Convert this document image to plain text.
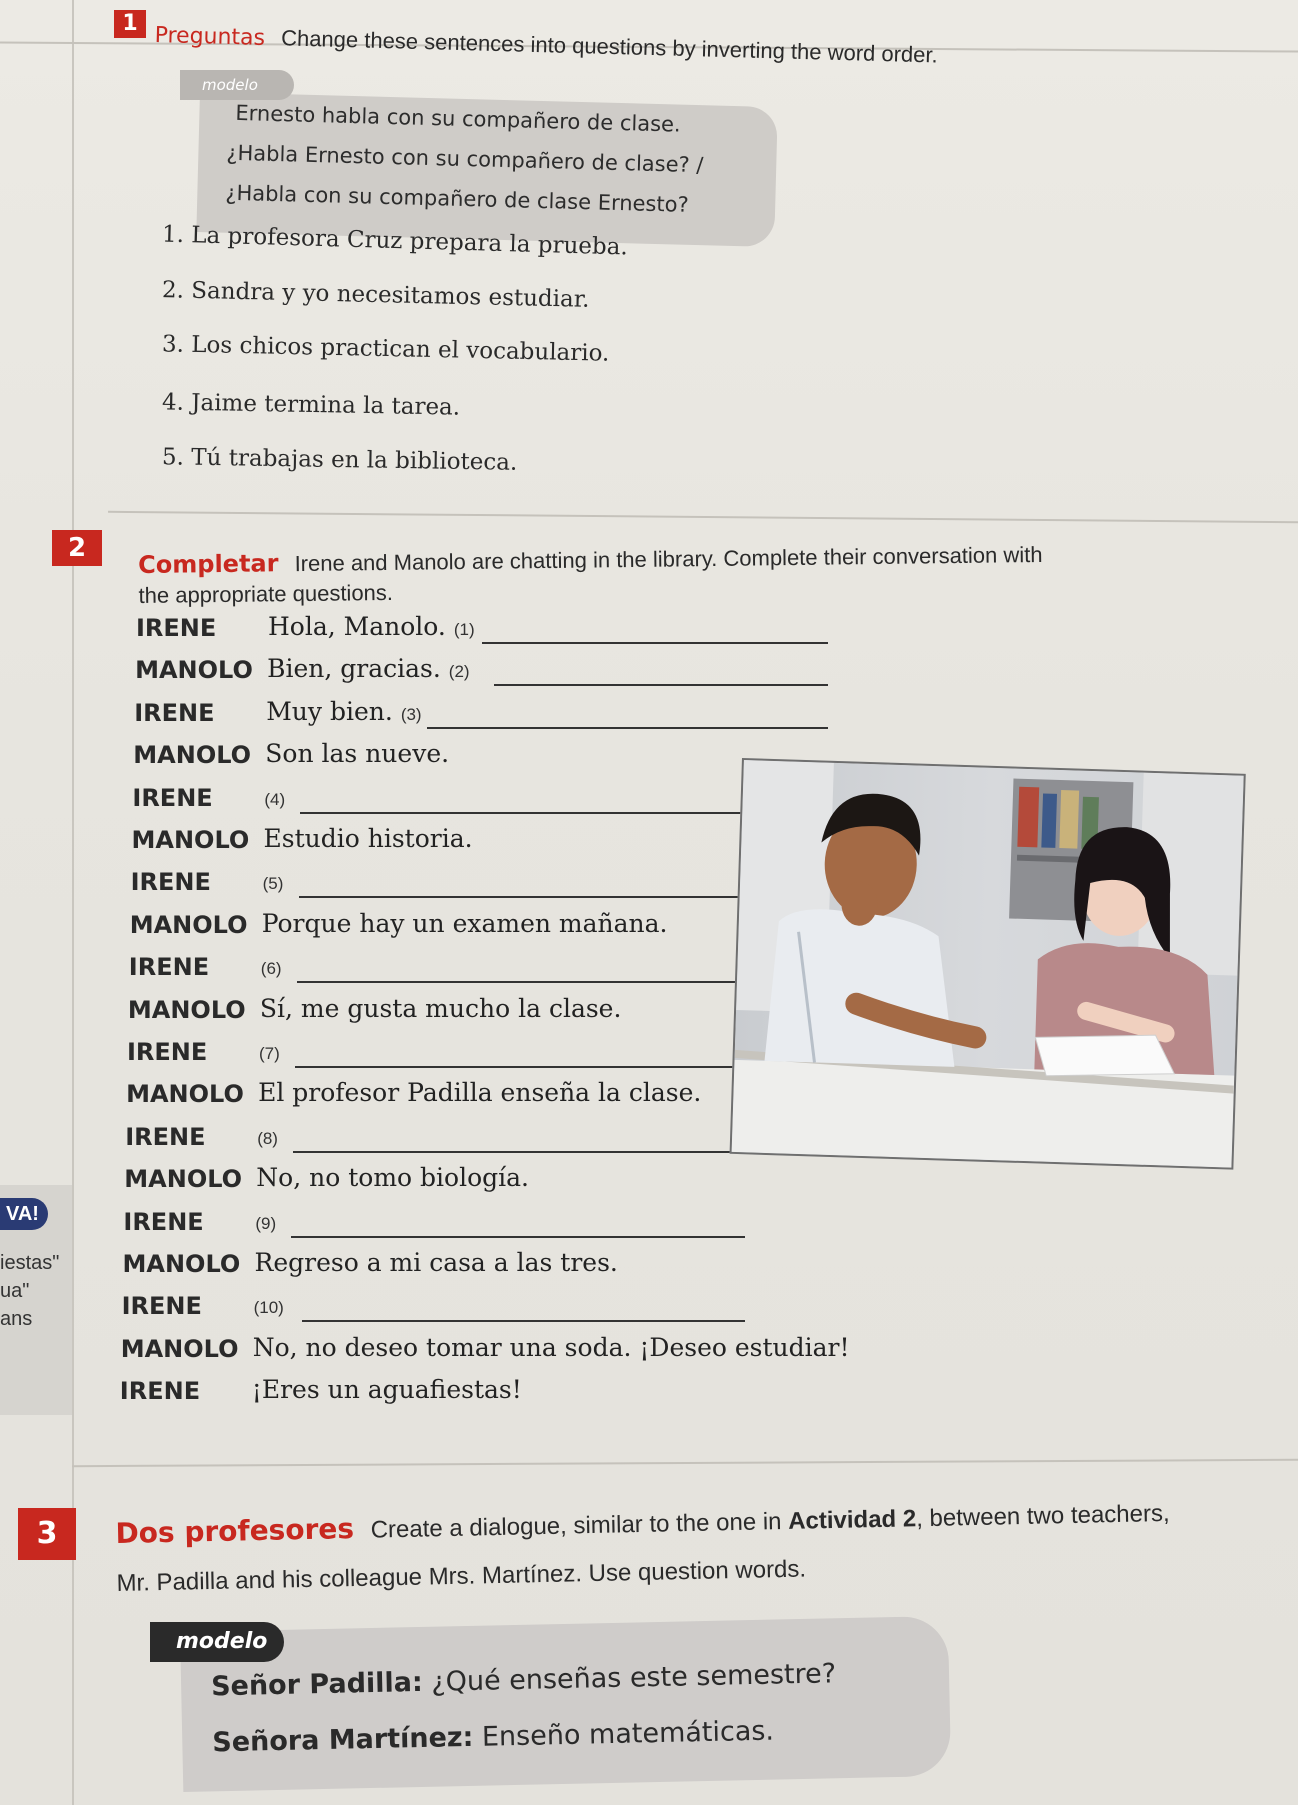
1 Preguntas Change these sentences into questions by inverting the word order.
Ernesto habla con su compañero de clase.
¿Habla Ernesto con su compañero de clase? /
¿Habla con su compañero de clase Ernesto?
modelo
1. La profesora Cruz prepara la prueba.
2. Sandra y yo necesitamos estudiar.
3. Los chicos practican el vocabulario.
4. Jaime termina la tarea.
5. Tú trabajas en la biblioteca.
2
Completar Irene and Manolo are chatting in the library. Complete their conversation with
the appropriate questions.
IRENE Hola, Manolo. (1)
MANOLO Bien, gracias. (2)
IRENE Muy bien. (3)
MANOLO Son las nueve.
IRENE	(4)
MANOLO Estudio historia.
IRENE	(5)
MANOLO Porque hay un examen mañana.
IRENE	(6)
MANOLO Sí, me gusta mucho la clase.
IRENE	(7)
MANOLO El profesor Padilla enseña la clase.
IRENE	(8)
MANOLO No, no tomo biología.
IRENE	(9)
MANOLO Regreso a mi casa a las tres.
IRENE	(10)
MANOLO No, no deseo tomar una soda. ¡Deseo estudiar!
IRENE ¡Eres un aguafiestas!
VA!
iestas"
ua"
ans
3	Dos profesores Create a dialogue, similar to the one in Actividad 2, between two teachers,
Mr. Padilla and his colleague Mrs. Martínez. Use question words.
Señor Padilla: ¿Qué enseñas este semestre?
Señora Martínez: Enseño matemáticas.
modelo
